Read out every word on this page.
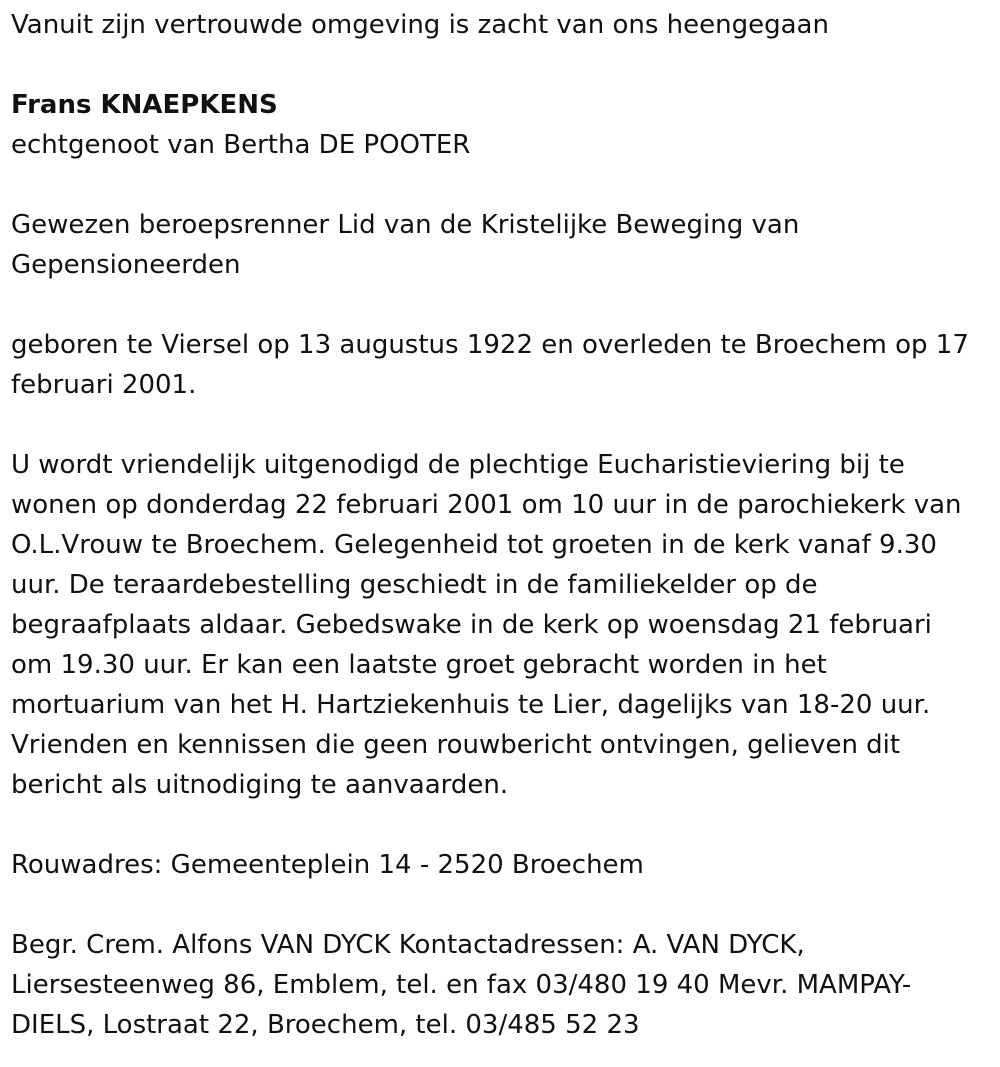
Vanuit zijn vertrouwde omgeving is zacht van ons heengegaan
Frans KNAEPKENS
echtgenoot van Bertha DE POOTER
Gewezen beroepsrenner Lid van de Kristelijke Beweging van
Gepensioneerden
geboren te Viersel op 13 augustus 1922 en overleden te Broechem op 17
februari 2001.
U wordt vriendelijk uitgenodigd de plechtige Eucharistieviering bij te
wonen op donderdag 22 februari 2001 om 10 uur in de parochiekerk van
O.L.Vrouw te Broechem. Gelegenheid tot groeten in de kerk vanaf 9.30
uur. De teraardebestelling geschiedt in de familiekelder op de
begraafplaats aldaar. Gebedswake in de kerk op woensdag 21 februari
om 19.30 uur. Er kan een laatste groet gebracht worden in het
mortuarium van het H. Hartziekenhuis te Lier, dagelijks van 18-20 uur.
Vrienden en kennissen die geen rouwbericht ontvingen, gelieven dit
bericht als uitnodiging te aanvaarden.
Rouwadres: Gemeenteplein 14 - 2520 Broechem
Begr. Crem. Alfons VAN DYCK Kontactadressen: A. VAN DYCK,
Liersesteenweg 86, Emblem, tel. en fax 03/480 19 40 Mevr. MAMPAY-
DIELS, Lostraat 22, Broechem, tel. 03/485 52 23
